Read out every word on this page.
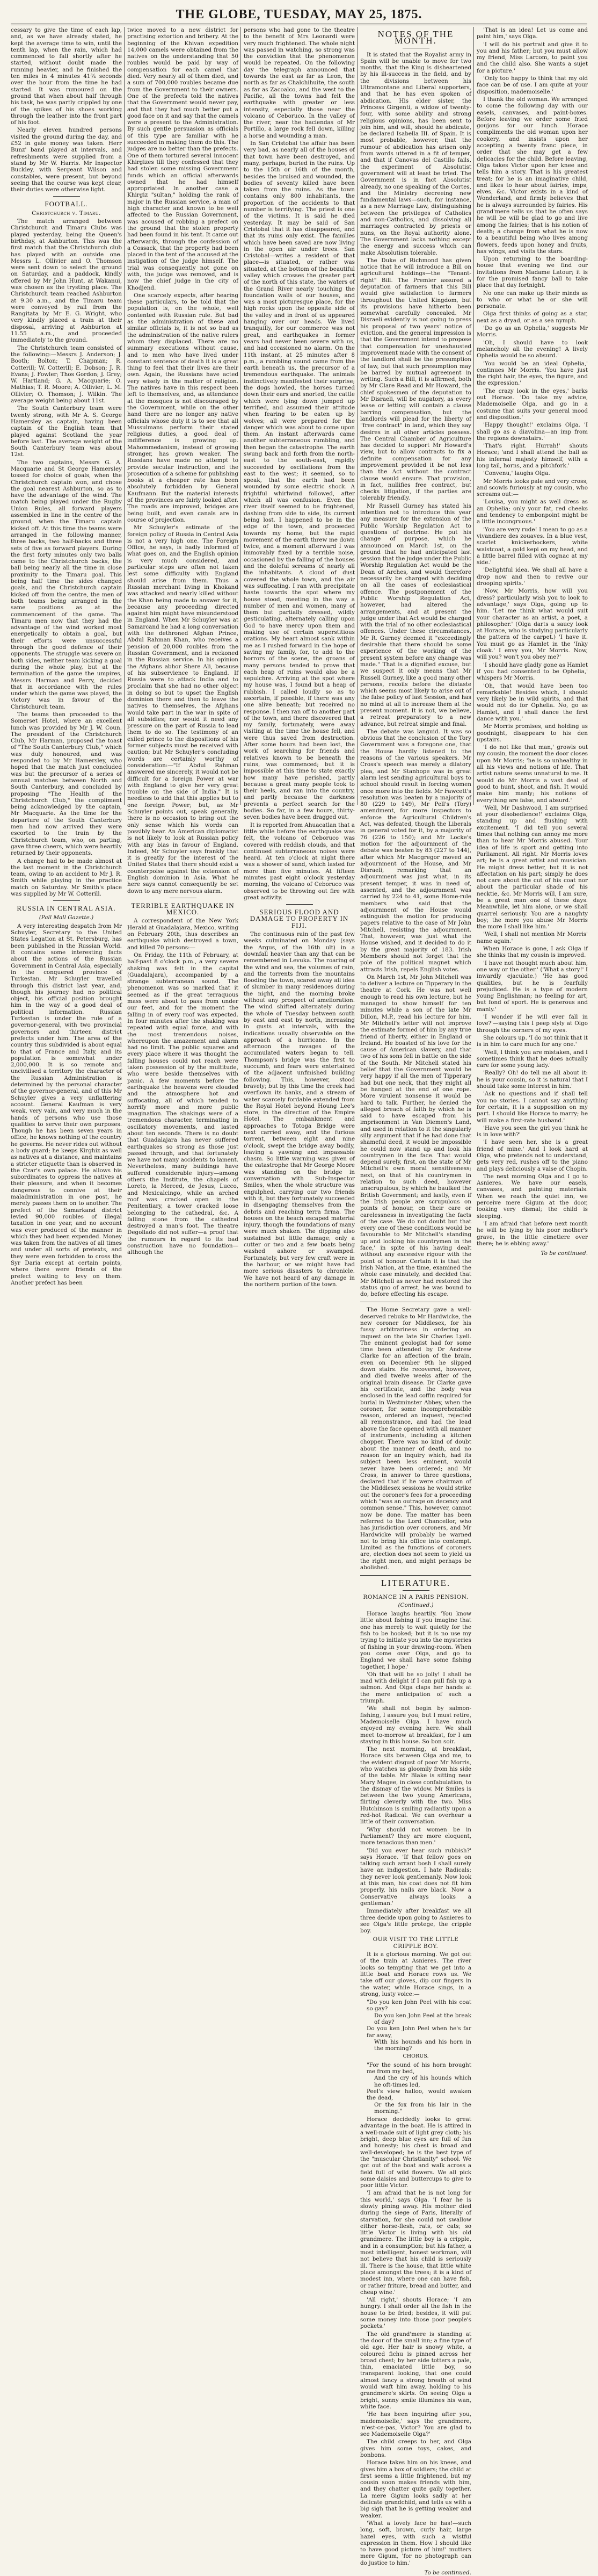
THE GLOBE, TUESDAY, MAY 25, 1875.

cessary to give the time of each lap, and, as we have already stated, he kept the average time to win, until the tenth lap, when the rain, which had commenced to fall shortly after he started, without doubt made the running heavier, and he finished the ten miles in 4 minutes 41¾ seconds over the hour from the time he had started. It was rumoured on the ground that when about half through his task, he was partly crippled by one of the spikes of his shoes working through the leather into the front part of his foot.

Nearly eleven hundred persons visited the ground during the day, and £52 in gate money was taken. Herr Bunz' band played at intervals, and refreshments were supplied from a stand by Mr W. Harris. Mr Inspector Buckley, with Sergeant Wilson and constables, were present, but beyond seeing that the course was kept clear, their duties were otherwise light.

FOOTBALL.
Christchurch v. Timaru.

The match arranged between Christchurch and Timaru Clubs was played yesterday, being the Queen's birthday, at Ashburton. This was the first match that the Christchurch club has played with an outside one. Messrs L. Ollivier and O. Thomson were sent down to select the ground on Saturday, and a paddock, kindly offered by Mr John Hunt, at Wakanui, was chosen as the trysting place. The Christchurch team reached Ashburton at 9.30 a.m., and the Timaru team were conveyed by rail from the Rangitata by Mr E. G. Wright, who very kindly placed a train at their disposal, arriving at Ashburton at 11.55 a.m., and proceeded immediately to the ground.

The Christchurch team consisted of the following:—Messrs J. Anderson; J. Booth; Bolton; T. Chapman; R. Cotterill; W. Cotterill; E. Dobson; J. R. Evans; J. Fowler; Thos Gordon; J. Grey; W. Hartland; G. A. Macquarie; O. Mathias; T. R. Moore; A. Ollivier; L. M. Ollivier; O. Thomson; J. Wilkin. The average weight being about 11st.

The South Canterbury team were twenty strong, with Mr A. S. George Hamersley as captain, having been captain of the English team that played against Scotland the year before last. The average weight of the South Canterbury team was about 12st.

The two captains, Messrs G. A. Macquarie and St George Hamersley tossed for choice of goals, when the Christchurch captain won, and chose the goal nearest Ashburton, so as to have the advantage of the wind. The match being played under the Rugby Union Rules, all forward players assembled in line in the centre of the ground, when the Timaru captain kicked off. At this time the teams were arranged in the following manner, three backs, two half-backs and three sets of five as forward players. During the first forty minutes only two balls came to the Christchurch backs, the ball being nearly all the time in close proximity to the Timaru goal. This being half time the sides changed goals, and the Christchurch captain kicked off from the centre, the men of both teams being arranged in the same positions as at the commencement of the game. The Timaru men now that they had the advantage of the wind worked most energetically to obtain a goal, but their efforts were unsuccessful through the good defence of their opponents. The struggle was severe on both sides, neither team kicking a goal during the whole play, but at the termination of the game the umpires, Messrs Harman and Perry, decided that in accordance with the rules under which the game was played, the victory was in favour of the Christchurch team.

The teams then proceeded to the Somerset Hotel, where an excellent lunch was provided by Mr J. W. Coun. The president of the Christchurch Club, Mr Harman, proposed the toast of "The South Canterbury Club," which was duly honoured, and was responded to by Mr Hamersley, who hoped that the match just concluded was but the precursor of a series of annual matches between North and South Canterbury, and concluded by proposing "The Health of the Christchurch Club," the compliment being acknowledged by the captain, Mr Macquarie. As the time for the departure of the South Canterbury men had now arrived they were escorted to the train by the Christchurch team, who, on parting, gave three cheers, which were heartily returned by their opponents.

A change had to be made almost at the last moment in the Christchurch team, owing to an accident to Mr J. R. Smith while playing in the practice match on Saturday. Mr Smith's place was supplied by Mr W. Cotterill.

RUSSIA IN CENTRAL ASIA.
(Pall Mall Gazette.)

A very interesting despatch from Mr Schuyler, Secretary to the United States Legation at St. Petersburg, has been published in the Russian World. It contains some interesting facts about the actions of the Russian Government in Central Asia, especially in the conquered province of Turkestan. Mr Schuyler travelled through this district last year, and, though his journey had no political object, his official position brought him in the way of a good deal of political information. Russian Turkestan is under the rule of a governor-general, with two provincial governors and thirteen district prefects under him. The area of the country thus subdivided is about equal to that of France and Italy, and its population is somewhat under 2,000,000. It is so remote and uncivilised a territory the character of the Russian Administration is determined by the personal character of the governor-general, and of this Mr Schuyler gives a very unflattering account. General Kaufman is very weak, very vain, and very much in the hands of persons who use those qualities to serve their own purposes. Though he has been seven years in office, he knows nothing of the country he governs. He never rides out without a body guard; he keeps Kirghiz as well as natives at a distance, and maintains a stricter etiquette than is observed in the Czar's own palace. He allows his subordinates to oppress the natives at their pleasure, and when it becomes dangerous to connive at their maladministration in one post, he merely passes them on to another. The prefect of the Samarkand district levied 90,000 roubles of illegal taxation in one year, and no account was ever produced of the manner in which they had been expended. Money was taken from the natives of all times and under all sorts of pretexts, and they were even forbidden to cross the Syr Daria except at certain points, where there were friends of the prefect waiting to levy on them. Another prefect has been

twice moved to a new district for practising extortion and bribery. At the beginning of the Khivan expedition 14,000 camels were obtained from the natives on the understanding that 50 roubles would be paid by way of compensation for each camel that died. Very nearly all of them died, and a sum of 700,000 roubles became due from the Government to their owners. One of the prefects told the natives that the Government would never pay, and that they had much better put a good face on it and say that the camels were a present to the Administration. By such gentle persuasion as officials of this type are familiar with he succeeded in making them do this. The judges are no better than the prefects. One of them tortured several innocent Khirgizes till they confessed that they had stolen some missing Government funds which an official afterwards owned that he had himself appropriated. In another case a Khirgiz "sultan," holding the rank of major in the Russian service, a man of high character and known to be well affected to the Russian Government, was accused of robbing a prefect on the ground that the stolen property had been found in his tent. It came out afterwards, through the confession of a Cossack, that the property had been placed in the tent of the accused at the instigation of the judge himself. The trial was consequently not gone on with, the judge was removed, and is now the chief judge in the city of Khodjend.

One scarcely expects, after hearing these particulars, to be told that the population is, on the whole, well contented with Russian rule. But bad as the administration of these and similar officials is, it is not so bad as the administration of the native rulers whom they displaced. There are no summary executions without cause, and to men who have lived under constant sentence of death it is a great thing to feel that their lives are their own. Again, the Russians have acted very wisely in the matter of religion. The natives have in this respect been left to themselves, and, as attendance at the mosques is not discouraged by the Government, while on the other hand there are no longer any native officials whose duty it is to see that all Mussulmans perform their stated religious duties, a good deal of indifference is growing up. Mahommedanism, instead of growing stronger, has grown weaker. The Russians have made no attempt to provide secular instruction, and the prosecution of a scheme for publishing books at a cheaper rate has been absolutely forbidden by General Kaufmann. But the material interests of the provinces are fairly looked after. The roads are improved, bridges are being built, and even canals are in course of projection.

Mr Schuyler's estimate of the foreign policy of Russia in Central Asia is not a very high one. The Foreign Office, he says, is badly informed of what goes on, and the English opinion is very much considered, and particular steps are often not taken lest some difficulty with England should arise from them. Thus a Russian merchant living in Khokand was attacked and nearly killed without the Khan being made to answer for it, because any proceeding directed against him might have misunderstood in England. When Mr Schuyler was at Samarcand he had a long conversation with the dethroned Afghan Prince, Abdul Rahman Khan, who receives a pension of 20,000 roubles from the Russian Government, and is reckoned in the Russian service. In his opinion the Afghans abhor Shere Ali, because of his subservience to England. If Russia were to attack India and to proclaim that she had no other object in doing so but to upset the English dominion there and then to leave the natives to themselves, the Afghans would take part in the war in spite of all subsidies; nor would it need any pressure on the part of Russia to lead them to do so. The testimony of an exiled prince to the dispositions of his former subjects must be received with caution; but Mr Schuyler's concluding words are certainly worthy of consideration:—"If Abdul Rahman answered me sincerely, it would not be difficult for a foreign Power at war with England to give her very great trouble on the side of India." It is needless to add that this applies but to one foreign Power; but, as Mr Schuyler points out, speak generally, there is no occasion to bring out the only sense which his words can possibly bear. An American diplomatist is not likely to look at Russian policy with any bias in favour of England. Indeed, Mr Schuyler says frankly that it is greatly for the interest of the United States that there should exist a counterpoise against the extension of English dominion in Asia. What he here says cannot consequently be set down to any mere nervous alarm.

TERRIBLE EARTHQUAKE IN MEXICO.

A correspondent of the New York Herald at Guadalajara, Mexico, writing on February 20th, thus describes an earthquake which destroyed a town, and killed 70 persons:—

On Friday, the 11th of February, at half-past 8 o'clock p.m., a very severe shaking was felt in the capital (Guadalajara), accompanied by a strange subterranean sound. The phenomenon was so marked that it seemed as if the great terraquous mass were about to pass from under our feet, and for the moment the falling in of every roof was expected. In four minutes after the shaking was repeated with equal force, and with the most tremendous noises, whereupon the amazement and alarm had no limit. The public squares and every place where it was thought the falling houses could not reach were taken possession of by the multitude, who were beside themselves with panic. A few moments before the earthquake the heavens were clouded and the atmosphere hot and suffocating, all of which tended to horrify more and more public imagination. The shakings were of a tremendous character, terminating in oscillatory movements, and lasted about ten seconds. There is no doubt that Guadalajara has never suffered earthquakes so strong as those just passed through, and that fortunately we have not many accidents to lament. Nevertheless, many buildings have suffered considerable injury—among others the Institute, the chapels of Loreto, la Merced, de Jesus, Lucco, and Mexicalcingo, while an arched roof was cracked open in the Penitentiary, a tower cracked loose belonging to the cathedral, &c. A falling stone from the cathedral destroyed a man's foot. The theatre Degollado did not suffer—a proof that the rumours in regard to its bad construction have no foundation—although the

persons who had gone to the theatre to the benefit of Mrs Leonardi were very much frightened. The whole night was passed in watching, so strong was the conviction that the phenomenon would be repeated. On the following day the telegraph announced that towards the east as far as Leon, the north as far as Chalchihuite, the south as far as Zacoalco, and the west to the Pacific, all the towns had felt the earthquake with greater or less intensity, especially those near the volcano of Ceboruco. In the valley of the river, near the haciendas of Mr Portillo, a large rock fell down, killing a horse and wounding a man.

In San Cristobal the affair has been very bad, as nearly all of the houses of that town have been destroyed, and many, perhaps, buried in the ruins. Up to the 15th or 16th of the month, besides the bruised and wounded, the bodies of seventy killed have been taken from the ruins. As the town contains only 800 inhabitants, the proportion of the accidents to that number is terrifying. The priest is one of the victims. It is said he died yesterday. It may be said of San Cristobal that it has disappeared, and that its ruins only exist. The families which have been saved are now living in the open air under trees. San Cristobal—writes a resident of that place—is situated, or rather was situated, at the bottom of the beautiful valley which crosses the greater part of the north of this state, the waters of the Grand River nearly touching the foundation walls of our houses, and was a most picturesque place, for the high rocks upon the opposite side of the valley and in front of us appeared hanging over our heads. We lived tranquilly, for our commerce was not great, and earthquakes in former years had never been severe with us, and had occasioned no alarm. On the 11th instant, at 25 minutes after 8 p.m., a rumbling sound came from the earth beneath us, the precursor of a tremendous earthquake. The animals instinctively manifested their surprise; the dogs howled, the horses turned down their ears and snorted, the cattle which were lying down jumped up terrified, and assumed their attitude when fearing to be eaten up by wolves; all were prepared for the danger which was about to come upon them. An instant afterwards came another subterraneous rumbling, and then began the catastrophe. The earth swung back and forth from the north-east to the south-east, rapidly succeeded by oscillations from the east to the west; it seemed, so to speak, that the earth had been wounded by some electric shock. A frightful whirlwind followed, after which all was confusion. Even the river itself seemed to be frightened, dashing from side to side, its current being lost. I happened to be in the edge of the town, and proceeded towards my home, but the rapid movement of the earth threw me down twice, and a moment afterward I was immovably fixed by a terrible noise, occasioned by the falling of the houses and the doleful screams of nearly all the inhabitants. A cloud of dust covered the whole town, and the air was suffocating. I ran with precipitate haste towards the spot where my house stood, meeting in the way a number of men and women, many of them but partially dressed, wildly gesticulating, alternately calling upon God to have mercy upon them and making use of certain superstitious orations. My heart almost sank within me as I rushed forward in the hope of saving my family, for, to add to the horrors of the scene, the groans of many persons tended to prove that each heap of ruins would also be a sepulchre. Arriving at the spot where my house was, I found but a heap of rubbish. I called loudly so as to ascertain, if possible, if there was any one alive beneath; but received no response. I then ran off to another part of the town, and there discovered that my family, fortunately, were away visiting at the time the house fell, and were thus saved from destruction. After some hours had been lost, the work of searching for friends and relatives known to be beneath the ruins, was commenced; but it is impossible at this time to state exactly how many have perished, partly because a great many people took to their heels, and ran into the country, and partly because the darkness prevents a perfect search for the bodies. So far, in a few hours, thirty-seven bodies have been dragged out.

It is reported from Ahuacatlan that a little while before the earthquake was felt, the volcano of Ceboruco was covered with reddish clouds, and that continued subterraneous noises were heard. At ten o'clock at night there was a shower of sand, which lasted for more than five minutes. At fifteen minutes past eight o'clock yesterday morning, the volcano of Ceboruco was observed to be throwing out fire with great activity.

SERIOUS FLOOD AND DAMAGE TO PROPERTY IN FIJI.

The continuous rain of the past few weeks culminated on Monday (says the Argus, of the 16th ult) in a downfall heavier than any that can be remembered in Levuka. The roaring of the wind and sea, the volumes of rain, and the torrents from the mountains flooding the town, scared away all idea of slumber in many residences during the night, and the morning broke without any prospect of amelioration. The wind shifted alternately during the whole of Tuesday between south by east and east by north, increasing in gusts at intervals, with the indications usually observable on the approach of a hurricane. In the afternoon the ravages of the accumulated waters began to tell. Thompson's bridge was the first to succumb, and fears were entertained of the adjacent unfinished building following. This, however, stood bravely; but by this time the creek had overflown its banks, and a stream of water scarcely fordable extended from the Royal Hotel beyond Houng Lee's store, in the direction of the Empire Hotel. The embankment and approaches to Totoga Bridge were next carried away, and the furious torrent, between eight and nine o'clock, swept the bridge away bodily, leaving a yawning and impassable chasm. So little warning was given of the catastrophe that Mr George Moore was standing on the bridge in conversation with Sub-Inspector Smiles, when the whole structure was engulphed, carrying our two friends with it, but they fortunately succeeded in disengaging themselves from the debris and reaching terra firma. The houses on the beach escaped material injury, though the foundations of many were much shaken. The dipping also sustained but little damage; only a cutter or two and a few boats being washed ashore or swamped. Fortunately, but very few craft were in the harbour, or we might have had more serious disasters to chronicle. We have not heard of any damage in the northern portion of the town.

NOTES OF THE MONTH.

It is stated that the Royalist army in Spain will be unable to move for two months, that the King is disheartened by his ill-success in the field, and by the divisions between his Ultramontane and Liberal supporters, and that he has even spoken of abdication. His elder sister, the Princess Girgenti, a widow of twenty-four, with some ability and strong religious opinions, has been sent to join him, and will, should he abdicate, be declared Isabella III. of Spain. It is most probable, however, that the rumour of abdication has arisen only from words uttered in a fit of temper, and that if Canovas del Castillo fails, the experiment of Absolutist government will at least be tried. The Government is in fact Absolutist already, no one speaking of the Cortes, and the Ministry decreeing new fundamental laws—such, for instance, as a new Marriage Law, distinguishing between the privileges of Catholics and non-Catholics, and dissolving all marriages contracted by priests or nuns, on the Royal authority alone. The Government lacks nothing except the energy and success which can make Absolutism tolerable.

The Duke of Richmond has given notice that he will introduce a Bill on agricultural holdings—the "Tenant-right" Bill. The Premier assured a deputation of farmers that this Bill would give satisfaction to farmers throughout the United Kingdom, but its provisions have hitherto been somewhat carefully concealed. Mr Disraeli evidently is not going to press his proposal of two years' notice of eviction, and the general impression is that the Government intend to propose that compensation for unexhausted improvement made with the consent of the landlord shall be the presumption of law, but that such presumption may be barred by mutual agreement in writing. Such a Bill, it is affirmed, both by Mr Clare Read and Mr Howard, the chief spokesmen of the deputation to Mr Disraeli, will be nugatory, as every lease or letting will contain a clause barring compensation, but the landlords will plead for the liberty of "free contract" in land, which they say desires in all other articles possess. The Central Chamber of Agriculture has decided to support Mr Howard's view, but to allow contracts to fix a definite compensation for any improvement provided it be not less than the Act without the contract clause would ensure. That provision, in fact, nullifies free contract, but checks litigation, if the parties are tolerably friendly.

Mr Russell Gurney has stated his intention not to introduce this year any measure for the extension of the Public Worship Regulation Act to questions of doctrine. He put his change of purpose, which he announced on March 1st, on the ground that he had anticipated last session that the judge under the Public Worship Regulation Act would be the Dean of Arches, and would therefore necessarily be charged with deciding on all the cases of ecclesiastical offence. The postponement of the Public Worship Regulation Act, however, had altered the arrangements, and at present the judge under that Act would be charged with the trial of no other ecclesiastical offences. Under these circumstances, Mr R. Gurney deemed it "exceedingly desirable that there should be some experience of the working of the present system before any change was made." That is a dignified excuse, but we suspect it only means that Mr Russell Gurney, like a good many other persons, recoils before the distaste which seems most likely to arise out of the false policy of last Session, and has no mind at all to increase them at the present moment. It is not, we believe, a retreat preparatory to a new advance, but retreat simple and final.

The debate was languid. It was so obvious that the conclusion of the Tory Government was a foregone one, that the House hardly listened to the reasons of the various speakers. Mr Cross's speech was merely a dilatory plea, and Mr Stanhope was in great alarm lest sending agricultural boys to school should result in forcing women once more into the fields. Mr Fawcett's resolution was beaten by a majority of 80 (229 to 149), Mr Pell's (Tory) amendment, for more inspectors to enforce the Agricultural Children's Act, was defeated, though the Liberals in general voted for it, by a majority of 76 (226 to 150); and Mr Locke's motion for the adjournment of the debate was beaten by 83 (227 to 144), after which Mr Macgregor moved an adjournment of the House, and Mr Disraeli, remarking that an adjournment was just what, in its present temper, it was in need of, assented, and the adjournment was carried by 224 to 41, some Home-rule members who said that the adjournment of the House would extinguish the motion for producing papers relative to the case of Mr John Mitchell, resisting the adjournment. That, however, was just what the House wished, and it decided to do it by the great majority of 183. Irish Members should not forget that the pole of the political magnet which attracts Irish, repels English votes.

On March 1st, Mr John Mitchell was to deliver a lecture on Tipperary in the theatre at Cork. He was not well enough to read his own lecture, but he managed to show himself for ten minutes while a son of the late Mr Dillon, M.P., read his lecture for him. Mr Mitchell's letter will not improve the estimate formed of him by any true friend of liberty, either in England or Ireland. He boasted of his love for the cause of American slavery, and that two of his sons fell in battle on the side of the South. Mr Mitchell stated his belief that the Government would be very happy if all the men of Tipperary had but one neck, that they might all be hanged at the end of one rope. More virulent nonsense it would be hard to talk. Further, he denied the alleged breach of faith by which he is said to have escaped from his imprisonment in Van Diemen's Land, and used in relation to it the singularly silly argument that if he had done that shameful deed, it would be impossible he could now stand up and look his countrymen in the face. That would depend surely, first, on the state of Mr Mitchell's own moral sensitiveness; next, on that of his countrymen in relation to such deed, however unscrupulous, by which he baulked the British Government; and lastly, even if the Irish people are scrupulous on points of honour, on their care or carelessness in investigating the facts of the case. We do not doubt but that every one of these conditions would be favourable to Mr Mitchell's standing up and looking his countrymen in the face,' in spite of his having dealt without any excessive rigour with the point of honour. Certain it is that the Irish Nation, at the time, examined the whole case minutely, and decided that Mr Mitchell as never had restored the status quo of arrest, he was bound to do, before effecting his escape.

The Home Secretary gave a well-deserved rebuke to Mr Hardwicke, the new coroner for Middlesex, for his fussy arbitrariness in ordering an inquest on the late Sir Charles Lyell. The eminent geologist had for some time been attended by Dr Andrew Clarke for an affection of the brain, even on December 9th he slipped down stairs. He recovered, however, and died twelve weeks after of the original brain disease. Dr Clarke gave his certificate, and the body was enclosed in the lead coffin required for burial in Westminster Abbey, when the coroner, for some incomprehensible reason, ordered an inquest, rejected all remonstrance, and had the lead above the face opened with all manner of instruments, including a kitchen chopper. There was no kind of doubt about the manner of death, and no reason for an inquiry which, had its subject been less eminent, would never have been ordered; and Mr Cross, in answer to three questions, declared that if he were chairman of the Middlesex sessions he would strike out the coroner's fees for a proceeding which "was an outrage on decency and common sense." This, however, cannot now be done. The matter has been referred to the Lord Chancellor, who has jurisdiction over coroners, and Mr Hardwicke will probably be warned not to bring his office into contempt. Limited as the functions of coroners are, election does not seem to yield us the right men, and might perhaps be abolished.

LITERATURE.
ROMANCE IN A PARIS PENSION.
(Continued.)

Horace laughs heartily. 'You know little about fishing if you imagine that one has merely to wait quietly for the fish to be hooked; but it is no use my trying to initiate you into the mysteries of fishing in your drawing-room. When you come over Olga, and go to England we shall have some fishing together, I hope.'

'Oh that will be so jolly! I shall be mad with delight if I can pull fish up a salmon. And Olga claps her hands at the mere anticipation of such a triumph.

'We shall not begin by salmon-fishing, I assure you; but I must retire, Mademoiselle Olga. I have much enjoyed my evening here. We shall meet to-morrow at breakfast, for I am staying in this house. So bon soir.

The next morning, at breakfast, Horace sits between Olga and me, to the evident disgust of poor Mr Morris, who watches us gloomily from his side of the table. Mr Blake is sitting near Mary Magee, in close confabulation, to the dismay of the widow. Mr Smiles is between the two young Americans, flirting cleverly with the two. Miss Hutchinson is smiling radiantly upon a red-hot Radical. We can overhear a little of their conversation.

'Why should not women be in Parliament? they are more eloquent, more tenacious than men.'

'Did you ever hear such rubbish?' says Horace. 'If that fellow goes on talking such arrant bosh I shall surely have an indigestion. I hate Radicals; they never look gentlemanly. Now look at this man, his coat does not fit him properly, his nails are black. Now a Conservative always looks a gentleman.'

Immediately after breakfast we all three decide upon going to Asnieres to see Olga's little protege, the cripple boy.

OUR VISIT TO THE LITTLE CRIPPLE BOY.

It is a glorious morning. We got out of the train at Asnieres. The river looks so tempting that we get into a little boat and Horace rows us. We take off our gloves, dip our fingers in the water, while Horace sings, in a strong, lusty voice:—

"Do you ken John Peel with his coat so gay?
Do you ken John Peel at the break of day?
Do you ken John Peel when he's far far away,
With his hounds and his horn in the morning?
CHORUS.
"For the sound of his horn brought me from my bed,
And the cry of his hounds which he oft-times led,
Peel's view halloo, would awaken the dead,
Or the fox from his lair in the morning."

Horace decidedly looks to great advantage in the boat. He is attired in a well-made suit of light grey cloth; his bright, deep blue eyes are full of fun and honesty; his chest is broad and well-developed; he is the best type of the "muscular Christianity" school. We got out of the boat and walk across a field full of wild flowers. We all pick some daisies and buttercups to give to poor little Victor.

'I am afraid that he is not long for this world,' says Olga. 'I fear he is slowly pining away. His mother died during the siege of Paris, literally of starvation, for she could not swallow either horse-flesh, rats, or cats; so little Victor is living with his old grandmere. The little boy is a cripple, and in a consumption; but his father, a most intelligent, honest workman, will not believe that his child is seriously ill. There is the house, that little white place amongst the trees; it is a kind of modest inn, where one can have fish, or rather friture, bread and butter, and cheap wine.'

'All right,' shouts Horace; 'I am hungry. I shall order all the fish in the house to be fried; besides, it will put some money into those poor people's pockets.'

The old grand'mere is standing at the door of the small inn; a fine type of old age. Her hair is snowy white, a coloured fichu is pinned across her broad chest; by her side totters a pale, thin, emaciated little boy, so transparent looking, that one could almost fancy a strong breath of wind would waft him away, holding to his grandmere's skirts. On seeing Olga a bright, sunny smile illumines his wan, white face.

'He has been inquiring after you, mademoiselle,' says the grandmere, 'n'est-ce-pas, Victor? You are glad to see Mademoiselle Olga?'

The child creeps to her, and Olga gives him some toys, cakes, and bonbons.

Horace takes him on his knees, and gives him a box of soldiers; the child at first seems a little frightened, but my cousin soon makes friends with him, and they chatter quite gaily together. La mere Gigum looks sadly at her delicate grandchild, and tells us with a big sigh that he is getting weaker and weaker.

'What a lovely face he has!—such long, soft, brown, curly hair, large hazel eyes, with such a wistful expression in them. How I should like to have good picture of him!' mutters mere Gigum, 'for no photograph can do justice to him.'

To be continued.

'That is an idea! Let us come and paint him,' says Olga.

'I will do his portrait and give it to you and his father; but you must allow my friend, Miss Larcom, to paint you and the child also. She wants a sujet for a picture.'

'Only too happy to think that my old face can be of use. I am quite at your disposition, mademoiselle.'

I thank the old woman. We arranged to come the following day with our easels, canvases, and paint-boxes. Before leaving we order some fried goujons for our lunch. Horace compliments the old woman upon her cookery, and insists upon her accepting a twenty franc piece, in order that she may get a few delicacies for the child. Before leaving, Olga takes Victor upon her knee and tells him a story. That is his greatest treat; for he is an imaginative child, and likes to hear about fairies, imps, elves, &c. Victor exists in a kind of Wonderland, and firmly believes that he is always surrounded by fairies. His grand'mere tells us that he often says he will be will be glad to go and live among the fairies; that is his notion of death; a change from what he is now to a beautiful being who lives among flowers, feeds upon honey and fruits, has wings, and visits the stars.

Upon returning to the boarding-house that evening we find our invitations from Madame Latour; it is for the promised fancy ball to take place that day fortnight.

No one can make up their minds as to who or what he or she will personate.

Olga first thinks of going as a star, next as a dryad, or as a sea nymph.

'Do go as an Ophelia,' suggests Mr Morris.

'Oh, I should have to look melancholy all the evening! A lively Ophelia would be so absurd.'

'You would be an ideal Ophelia,' continues Mr Morris. 'You have just the right hair, the eyes, the figure, and the expression.'

'The crazy look in the eyes,' barks out Horace. 'Do take my advice, Mademoiselle Olga, and go in a costume that suits your general mood and disposition.'

'Happy thought!' exclaims Olga. 'I shall go as a diavolina—an imp from the regions downstairs.'

'That's right. Hurrah!' shouts Horace; 'and I shall attend the ball as his infernal majesty himself, with a long tail, horns, and a pitchfork.'

'Convenu,' laughs Olga.

Mr Morris looks pale and very cross, and scowls furiously at my cousin, who screams out:—

'Louisa, you might as well dress as an Ophelia; only your fat, red cheeks and tendency to embonpoint might be a little incongruous.'

'You are very rude! I mean to go as a vivandiere des zouaves. In a blue vest, scarlet knickerbockers, white waistcoat, a gold kepi on my head, and a little barrel filled with cognac at my side.'

'Delightful idea. We shall all have a drop now and then to revive our drooping spirits.'

'Now, Mr Morris, how will you dress? particularly wish you to look to advantage,' says Olga, going up to him. 'Let me think what would suit your character as an artist, a poet, a philosopher.' (Olga darts a saucy look at Horace, who is studying particularly the pattern of the carpet.) 'I have it. You must go as Hamlet in the 'Inky cloak.' I envy you, Mr Morris. Now, will you? won't you obey me?'

'I should have gladly gone as Hamlet if you had consented to be Ophelia,' whispers Mr Morris.

'Oh, that would have been too remarkable! Besides which, I should very likely be in wild spirits, and that would not do for Ophelia. No, go as Hamlet, and I shall dance the first dance with you.'

Mr Morris promises, and holding us goodnight, disappears to his den upstairs.

'I do not like that man,' growls out my cousin, the moment the door closes upon Mr Morris; 'he is so unhealthy in all his views and notions of life. That artist nature seems unnatural to me. It would do Mr Morris a vast deal of good to hunt, shoot, and fish. It would make him manly; his notions of everything are false, and absurd.'

'Well, Mr Dashwood, I am surprised at your disobedience!' exclaims Olga, standing up and flushing with excitement. 'I did tell you several times that nothing can annoy me more than to hear Mr Morris abused. Your idea of life is sport and getting into Parliament. All right. Mr Morris loves art; he is a great artist and musician. He might dress better, but it is not affectation on his part; simply he does not care about the cut of his coat nor about the particular shade of his necktie, &c. Mr Morris will, I am sure, be a great man one of these days. Meanwhile, let him alone, or we shall quarrel seriously. You are a naughty boy; the more you abuse Mr Morris the more I shall like him.'

'Well, I shall not mention Mr Morris' name again.'

When Horace is gone, I ask Olga if she thinks that my cousin is improved.

'I have not thought much about him, one way or the other.' ('What a story!' I inwardly ejaculate.) 'He has good qualities, but he is fearfully prejudiced. He is a type of modern young Englishman; no feeling for art, but fond of sport. He is generous and manly.'

'I wonder if he will ever fall in love?'—saying this I peep slyly at Olgo through the corners of my eyes.

She colours up. 'I do not think that it is in him to care much for any one.'

'Well, I think you are mistaken, and I sometimes think that he does actually care for some young lady.'

'Really? Oh! do tell me all about it: he is your cousin, so it is natural that I should take some interest in him.'

'Ask no questions and if shall tell you no stories. I cannot say anything for certain, it is a supposition on my part. I should like Horace to marry; he will make a first-rate husband.'

'Have you seen the girl you think he is in love with?'

'I have seen her, she is a great friend of mine.' And I look hard at Olga, who pretends not to understand, gets very red, rushes off to the piano and plays deliciously a valse of Chopin.

The next morning Olga and I go to Asnieres. We have our easels, canvases, and painting materials. When we reach the quiet inn, we perceive mere Gigum at the door, looking very dismal; the child is sleeping.

'I am afraid that before next month he will be lying by his poor mother's grave, in the little cimetiere over there; he is ebbing away.'

To be continued.
